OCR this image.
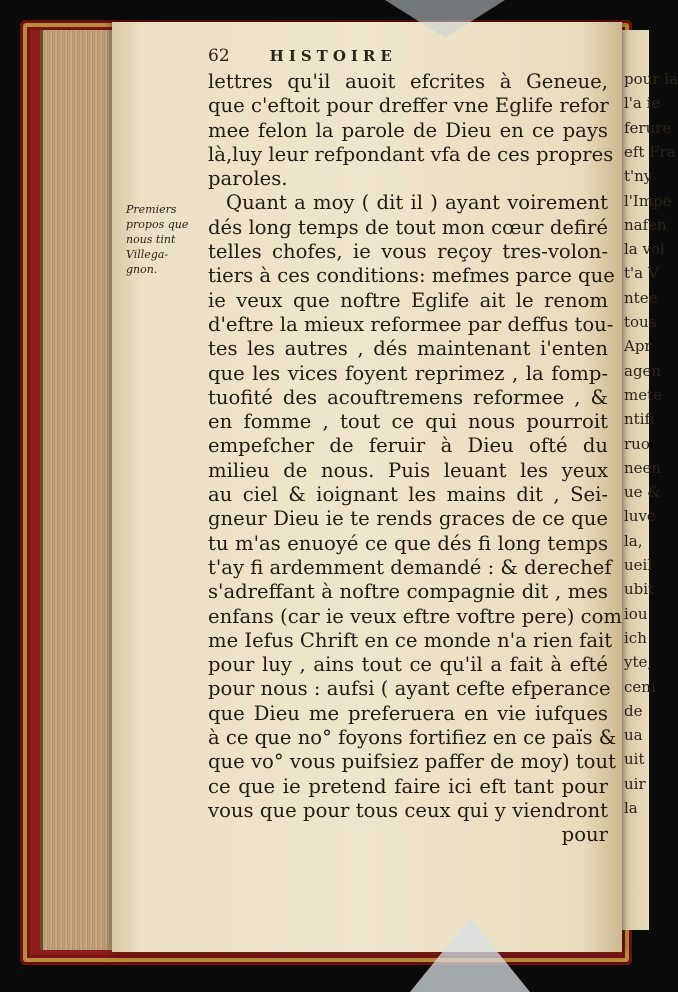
pour la
l'a ie
ferure
eft Fra
t'ny
l'Impe
nafen
la vol
t'a V
ntee
tous
Apr
agen
mete
ntifi
ruo
neen
ue &
luve
la,
ueil
ubit
iou
ich
yte,
ceni
de
ua
uit
uir
la
62	HISTOIRE
Premiers
propos que
nous tint
Villega-
gnon.
lettres qu'il auoit efcrites à Geneue,
que c'eftoit pour dreffer vne Eglife refor
mee felon la parole de Dieu en ce pays
là,luy leur refpondant vfa de ces propres
paroles.
Quant a moy ( dit il ) ayant voirement
dés long temps de tout mon cœur defiré
telles chofes, ie vous reçoy tres-volon-
tiers à ces conditions: mefmes parce que
ie veux que noftre Eglife ait le renom
d'eftre la mieux reformee par deffus tou-
tes les autres , dés maintenant i'enten
que les vices foyent reprimez , la fomp-
tuofité des acouftremens reformee , &
en fomme , tout ce qui nous pourroit
empefcher de feruir à Dieu ofté du
milieu de nous. Puis leuant les yeux
au ciel & ioignant les mains dit , Sei-
gneur Dieu ie te rends graces de ce que
tu m'as enuoyé ce que dés fi long temps
t'ay fi ardemment demandé : & derechef
s'adreffant à noftre compagnie dit , mes
enfans (car ie veux eftre voftre pere) com
me Iefus Chrift en ce monde n'a rien fait
pour luy , ains tout ce qu'il a fait à efté
pour nous : aufsi ( ayant cefte efperance
que Dieu me preferuera en vie iufques
à ce que no° foyons fortifiez en ce païs &
que vo° vous puifsiez paffer de moy) tout
ce que ie pretend faire ici eft tant pour
vous que pour tous ceux qui y viendront
pour
